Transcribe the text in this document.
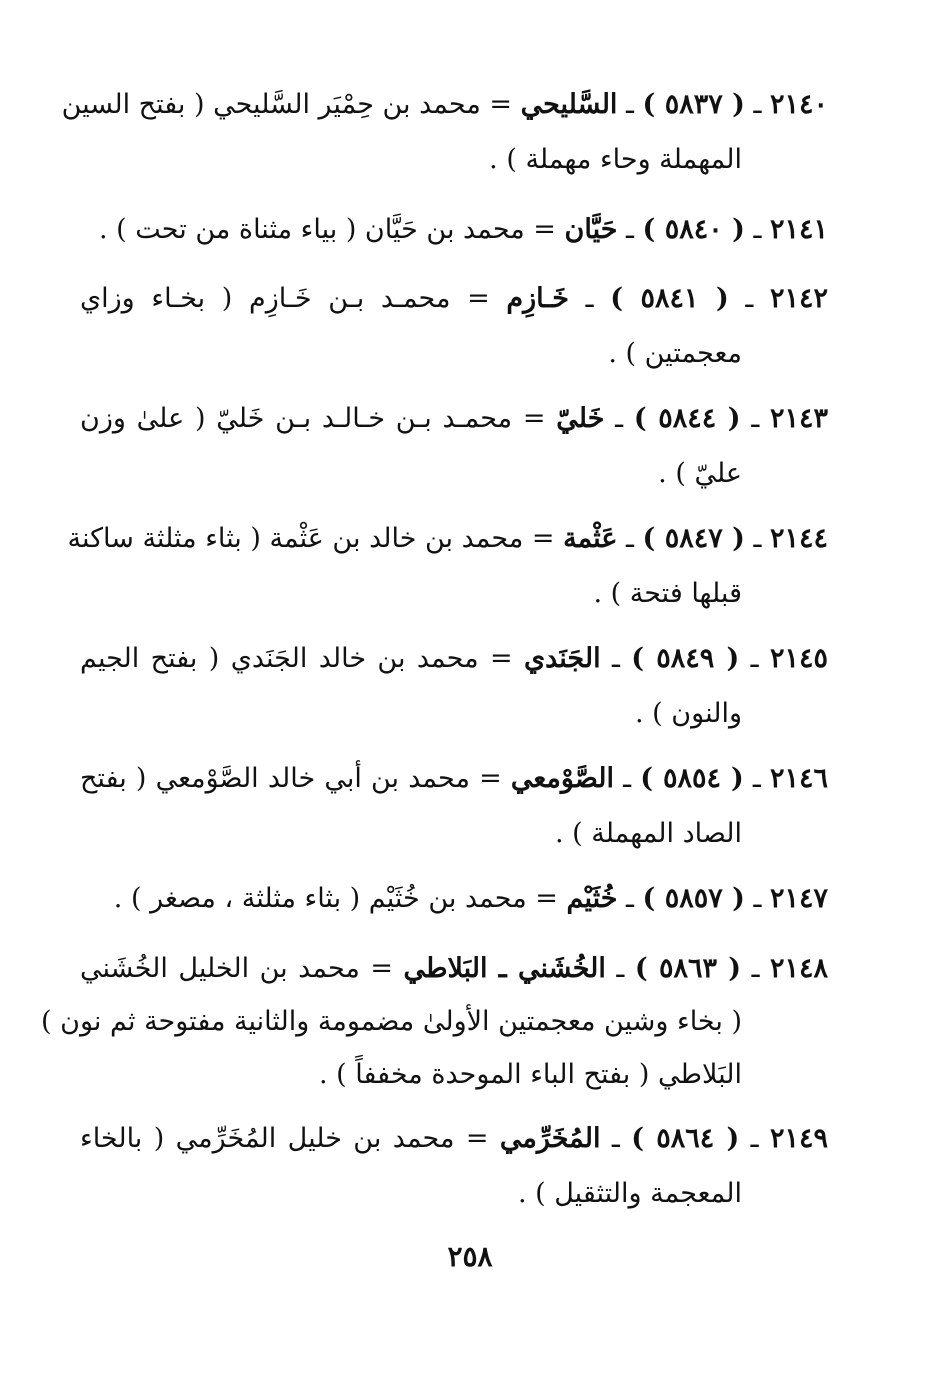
٢١٤٠ ـ ( ٥٨٣٧ ) ـ السَّليحي = محمد بن حِمْيَر السَّليحي ( بفتح السين
المهملة وحاء مهملة ) .
٢١٤١ ـ ( ٥٨٤٠ ) ـ حَيَّان = محمد بن حَيَّان ( بياء مثناة من تحت ) .
٢١٤٢ ـ ( ٥٨٤١ ) ـ خَـازِم = محمـد بـن خَـازِم ( بخـاء وزاي
معجمتين ) .
٢١٤٣ ـ ( ٥٨٤٤ ) ـ خَليّ = محمـد بـن خـالـد بـن خَليّ ( علىٰ وزن
عليّ ) .
٢١٤٤ ـ ( ٥٨٤٧ ) ـ عَثْمة = محمد بن خالد بن عَثْمة ( بثاء مثلثة ساكنة
قبلها فتحة ) .
٢١٤٥ ـ ( ٥٨٤٩ ) ـ الجَنَدي = محمد بن خالد الجَنَدي ( بفتح الجيم
والنون ) .
٢١٤٦ ـ ( ٥٨٥٤ ) ـ الصَّوْمعي = محمد بن أبي خالد الصَّوْمعي ( بفتح
الصاد المهملة ) .
٢١٤٧ ـ ( ٥٨٥٧ ) ـ خُثَيْم = محمد بن خُثَيْم ( بثاء مثلثة ، مصغر ) .
٢١٤٨ ـ ( ٥٨٦٣ ) ـ الخُشَني ـ البَلاطي = محمد بن الخليل الخُشَني
( بخاء وشين معجمتين الأولىٰ مضمومة والثانية مفتوحة ثم نون )
البَلاطي ( بفتح الباء الموحدة مخففاً ) .
٢١٤٩ ـ ( ٥٨٦٤ ) ـ المُخَرِّمي = محمد بن خليل المُخَرِّمي ( بالخاء
المعجمة والتثقيل ) .
٢٥٨
